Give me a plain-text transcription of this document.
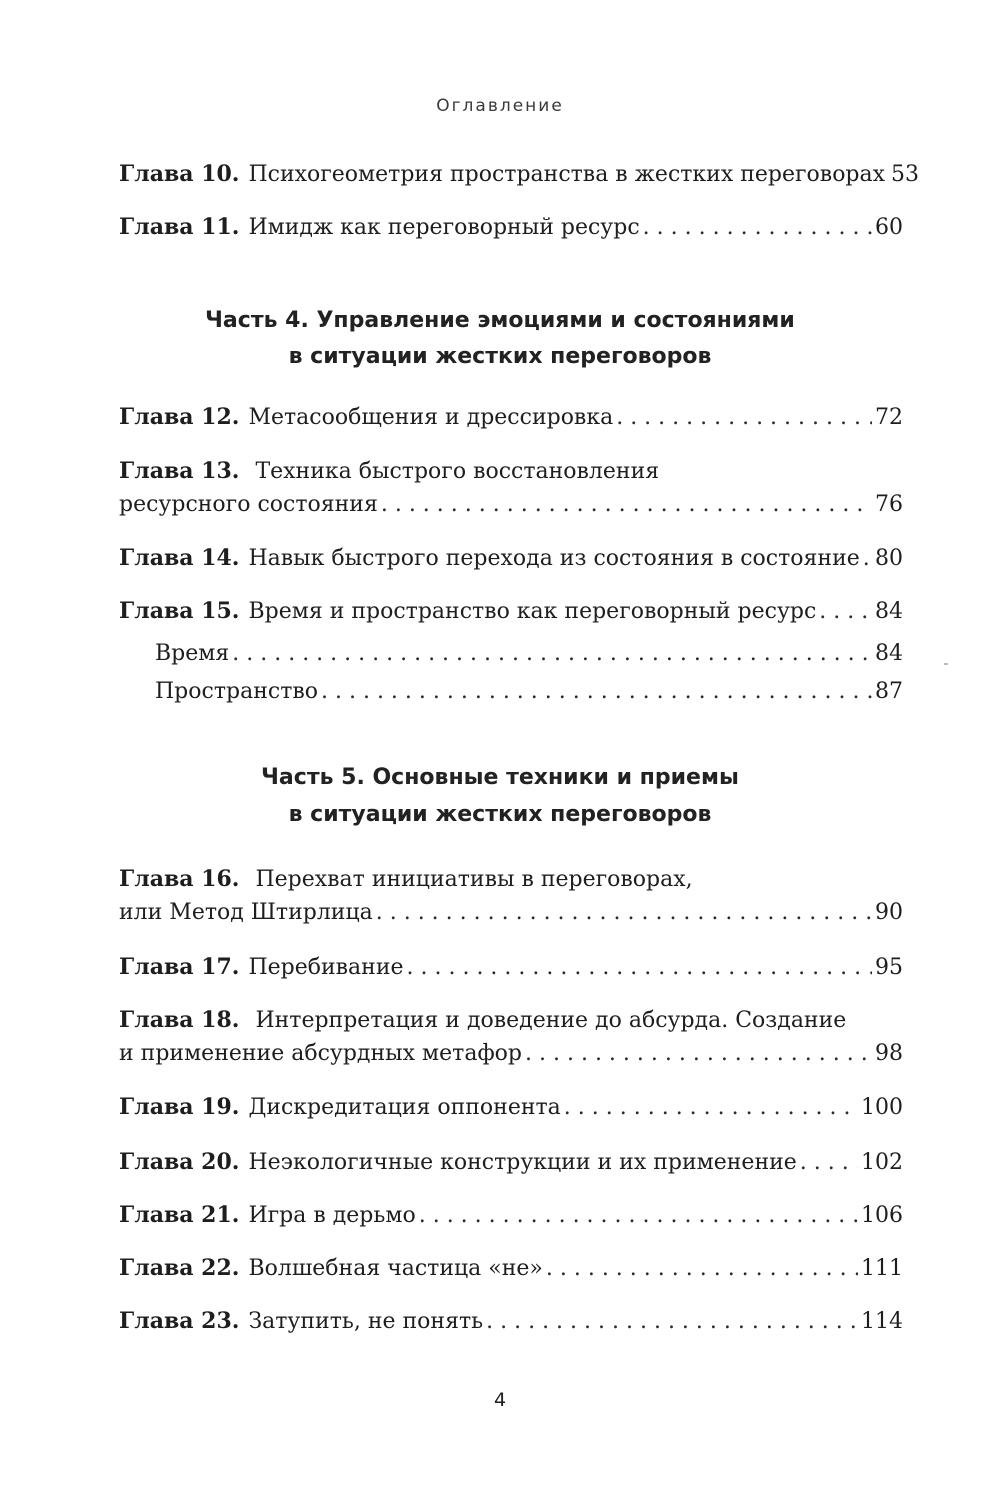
Оглавление
Глава 10. Психогеометрия пространства в жестких переговорах 53
Глава 11. Имидж как переговорный ресурс . . .	60
Часть 4. Управление эмоциями и состояниями
в ситуации жестких переговоров
Глава 12. Метасообщения и дрессировка . . .	72
Глава 13. Техника быстрого восстановления
ресурсного состояния . . .	76
Глава 14. Навык быстрого перехода из состояния в состояние . . . 80
Глава 15. Время и пространство как переговорный ресурс . . .	84
Время . . .	84
Пространство . . .	87
Часть 5. Основные техники и приемы
в ситуации жестких переговоров
Глава 16. Перехват инициативы в переговорах,
или Метод Штирлица . . .	90
Глава 17. Перебивание . . .	95
Глава 18. Интерпретация и доведение до абсурда. Создание
и применение абсурдных метафор . . .	98
Глава 19. Дискредитация оппонента . . .	100
Глава 20. Неэкологичные конструкции и их применение . . .	102
Глава 21. Игра в дерьмо . . .	106
Глава 22. Волшебная частица «не» . . .	111
Глава 23. Затупить, не понять . . .	114
4
